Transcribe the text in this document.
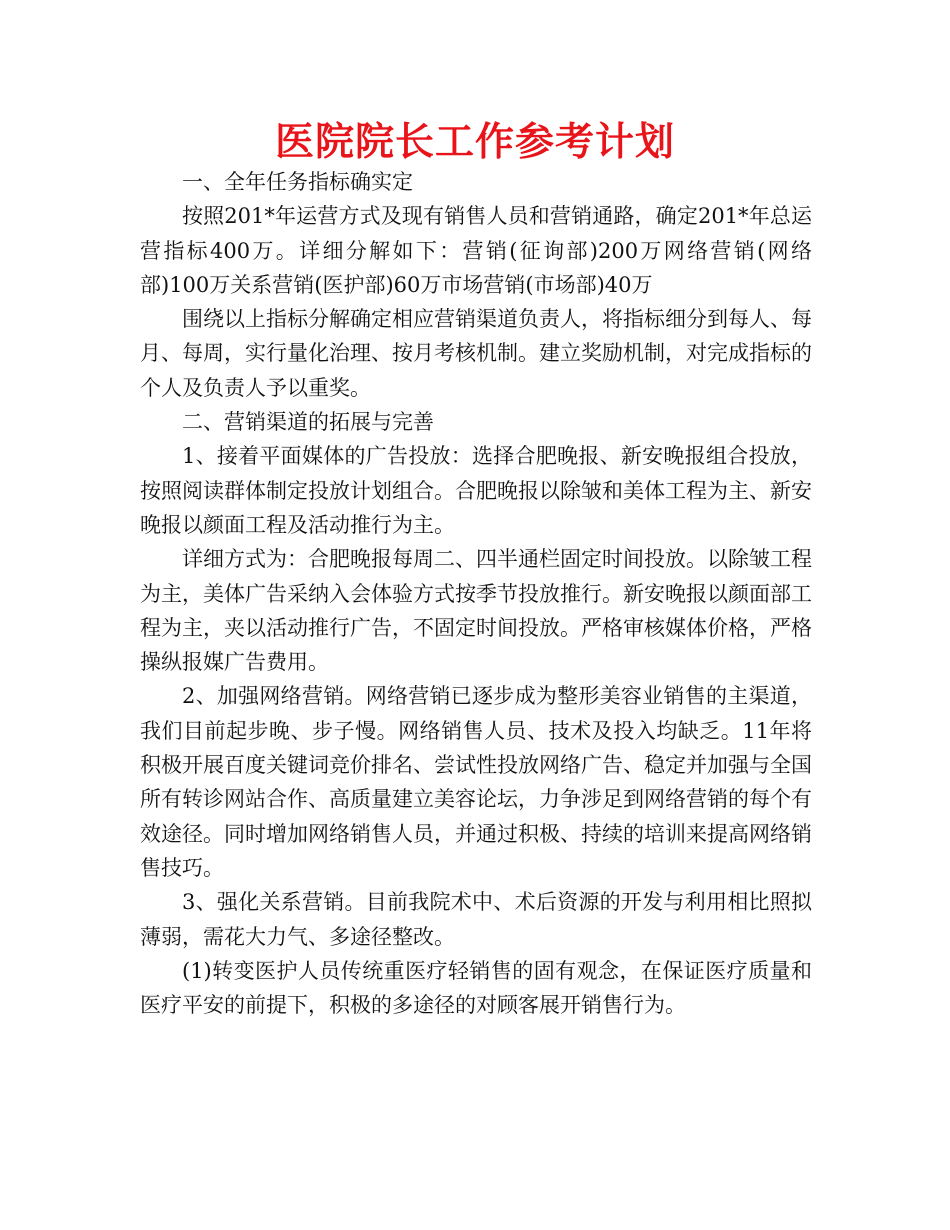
医院院长工作参考计划

一、全年任务指标确实定

按照201*年运营方式及现有销售人员和营销通路，确定201*年总运营指标400万。详细分解如下：营销(征询部)200万网络营销(网络部)100万关系营销(医护部)60万市场营销(市场部)40万

围绕以上指标分解确定相应营销渠道负责人，将指标细分到每人、每月、每周，实行量化治理、按月考核机制。建立奖励机制，对完成指标的个人及负责人予以重奖。

二、营销渠道的拓展与完善

1、接着平面媒体的广告投放：选择合肥晚报、新安晚报组合投放，按照阅读群体制定投放计划组合。合肥晚报以除皱和美体工程为主、新安晚报以颜面工程及活动推行为主。

详细方式为：合肥晚报每周二、四半通栏固定时间投放。以除皱工程为主，美体广告采纳入会体验方式按季节投放推行。新安晚报以颜面部工程为主，夹以活动推行广告，不固定时间投放。严格审核媒体价格，严格操纵报媒广告费用。

2、加强网络营销。网络营销已逐步成为整形美容业销售的主渠道，我们目前起步晚、步子慢。网络销售人员、技术及投入均缺乏。11年将积极开展百度关键词竞价排名、尝试性投放网络广告、稳定并加强与全国所有转诊网站合作、高质量建立美容论坛，力争涉足到网络营销的每个有效途径。同时增加网络销售人员，并通过积极、持续的培训来提高网络销售技巧。

3、强化关系营销。目前我院术中、术后资源的开发与利用相比照拟薄弱，需花大力气、多途径整改。

(1)转变医护人员传统重医疗轻销售的固有观念，在保证医疗质量和医疗平安的前提下，积极的多途径的对顾客展开销售行为。
